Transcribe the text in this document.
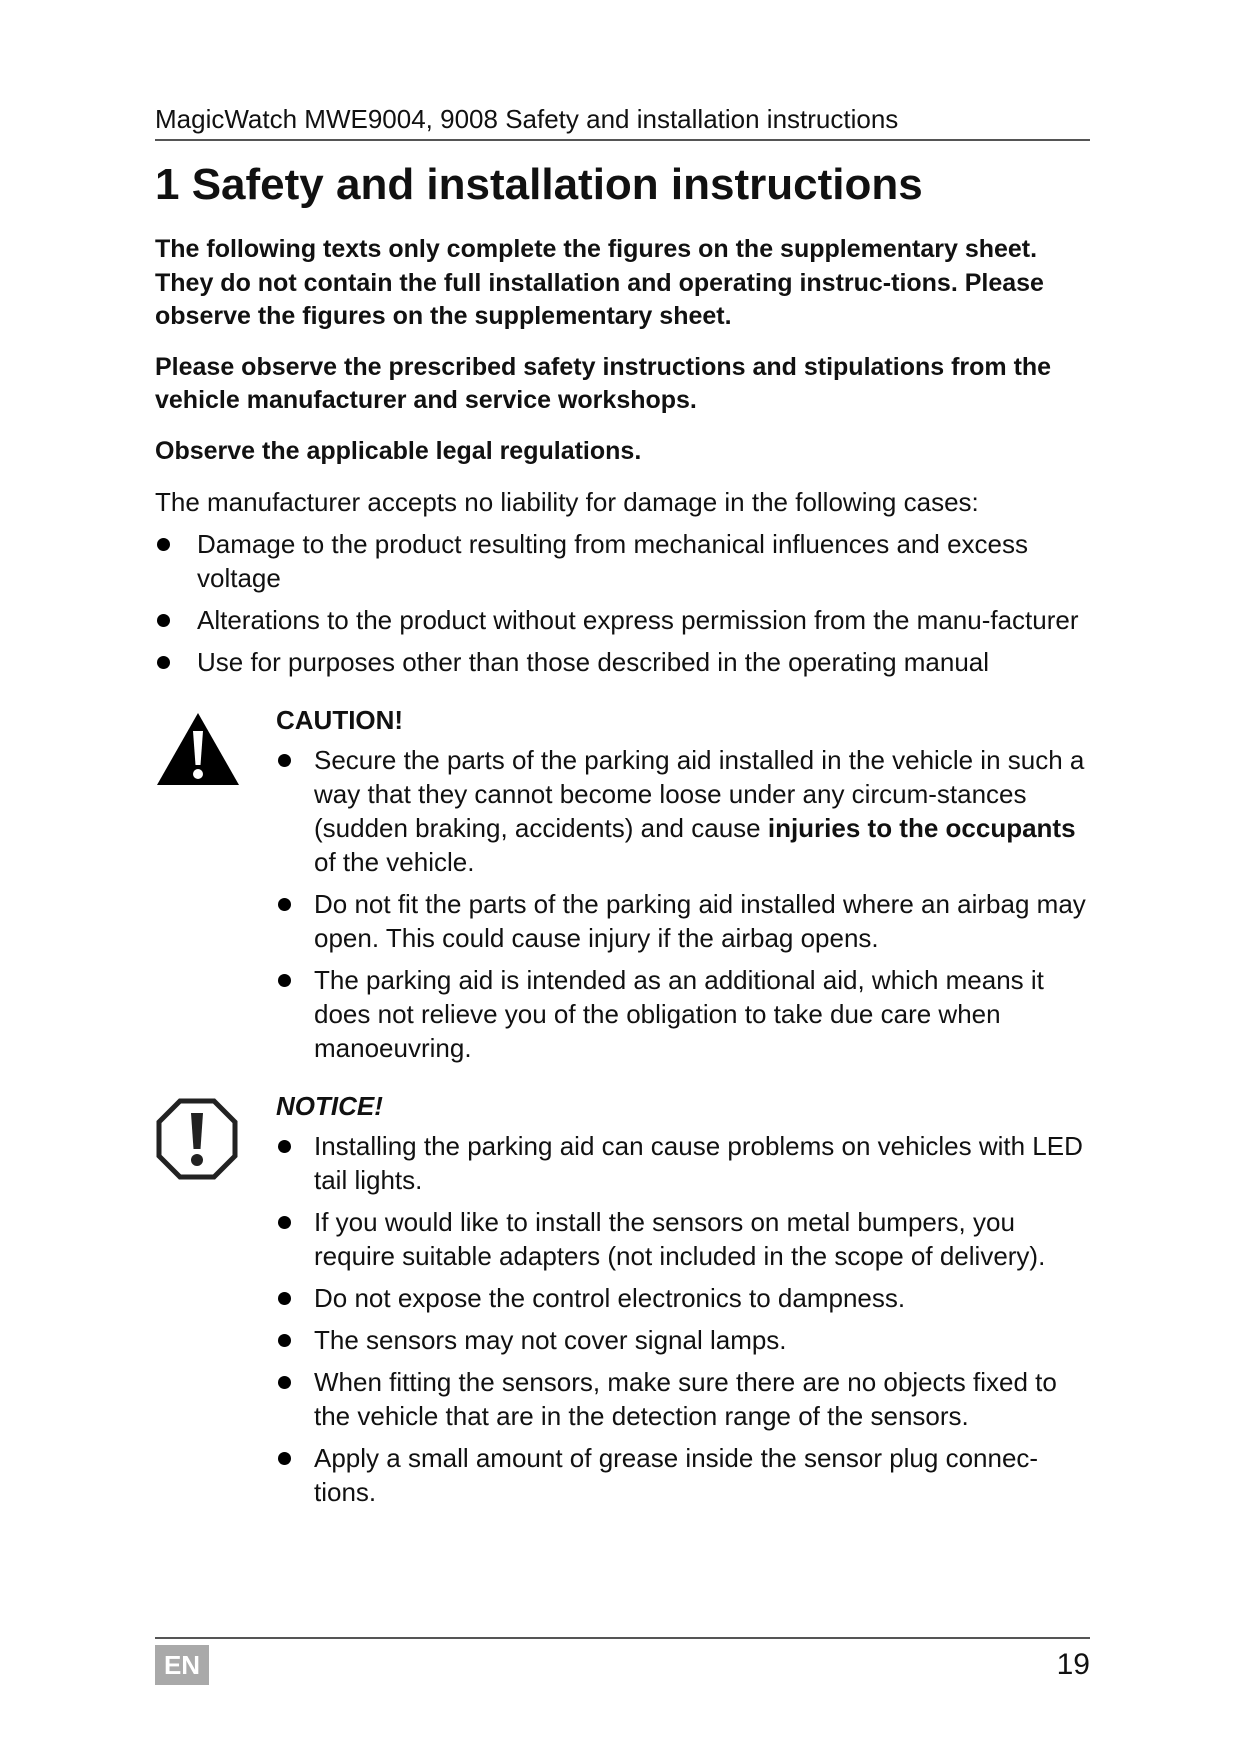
MagicWatch MWE9004, 9008 Safety and installation instructions
1 Safety and installation instructions

The following texts only complete the figures on the supplementary sheet. They do not contain the full installation and operating instruc-tions. Please observe the figures on the supplementary sheet.

Please observe the prescribed safety instructions and stipulations from the vehicle manufacturer and service workshops.

Observe the applicable legal regulations.

The manufacturer accepts no liability for damage in the following cases:

Damage to the product resulting from mechanical influences and excess voltage
Alterations to the product without express permission from the manu-facturer
Use for purposes other than those described in the operating manual
CAUTION!
Secure the parts of the parking aid installed in the vehicle in such a way that they cannot become loose under any circum-stances (sudden braking, accidents) and cause injuries to the occupants of the vehicle.
Do not fit the parts of the parking aid installed where an airbag may open. This could cause injury if the airbag opens.
The parking aid is intended as an additional aid, which means it does not relieve you of the obligation to take due care when manoeuvring.
NOTICE!
Installing the parking aid can cause problems on vehicles with LED tail lights.
If you would like to install the sensors on metal bumpers, you require suitable adapters (not included in the scope of delivery).
Do not expose the control electronics to dampness.
The sensors may not cover signal lamps.
When fitting the sensors, make sure there are no objects fixed to the vehicle that are in the detection range of the sensors.
Apply a small amount of grease inside the sensor plug connec-tions.
EN	19
